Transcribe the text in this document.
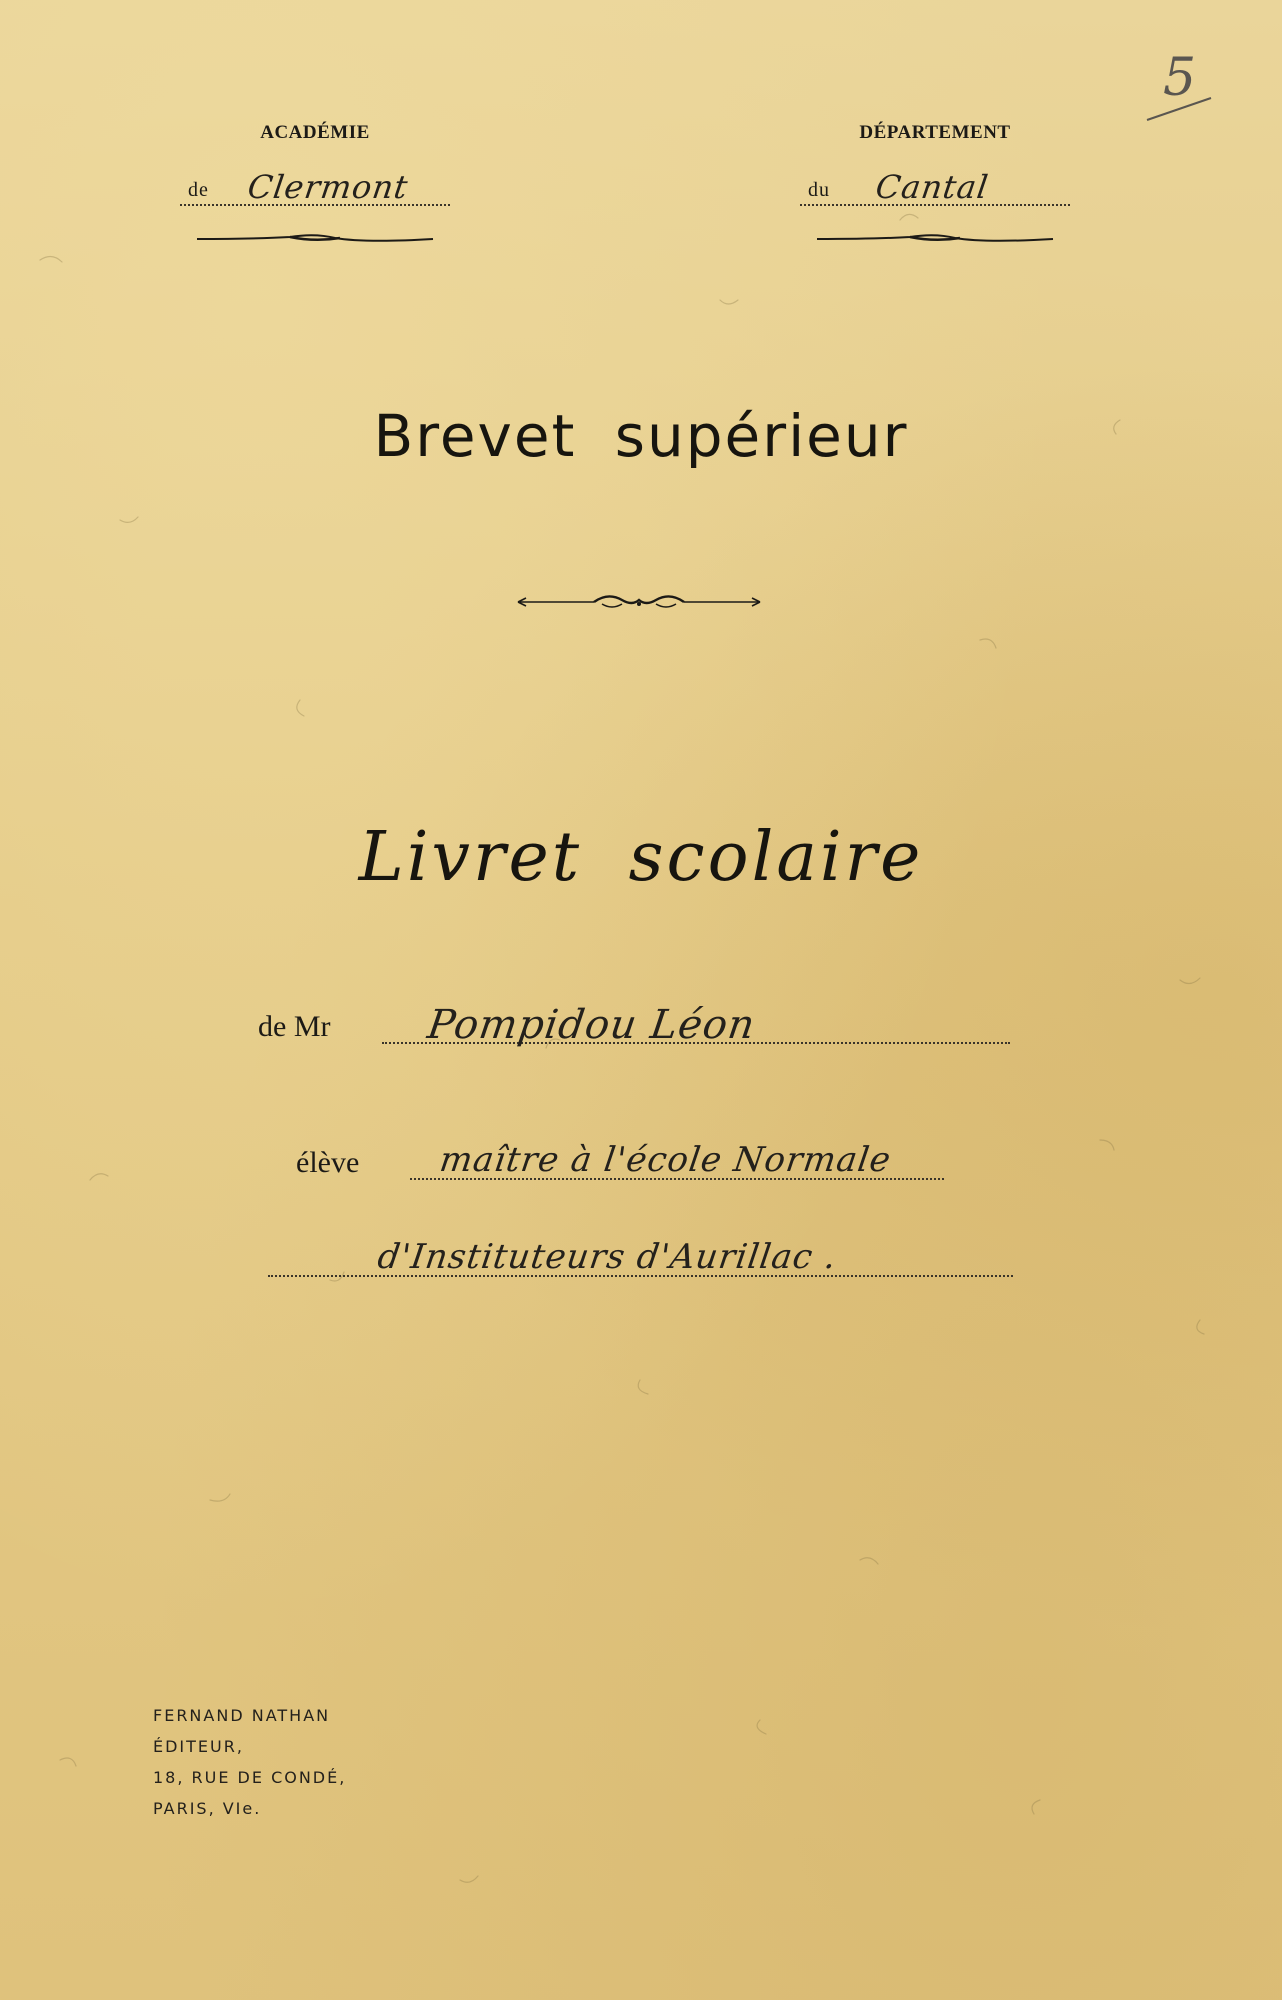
5
ACADÉMIE
de Clermont
DÉPARTEMENT
du Cantal
Brevet supérieur
Livret scolaire
de Mr Pompidou Léon
élève maître à l'école Normale
d'Instituteurs d'Aurillac .
FERNAND NATHAN
ÉDITEUR,
18, RUE DE CONDÉ,
PARIS, VIe.
